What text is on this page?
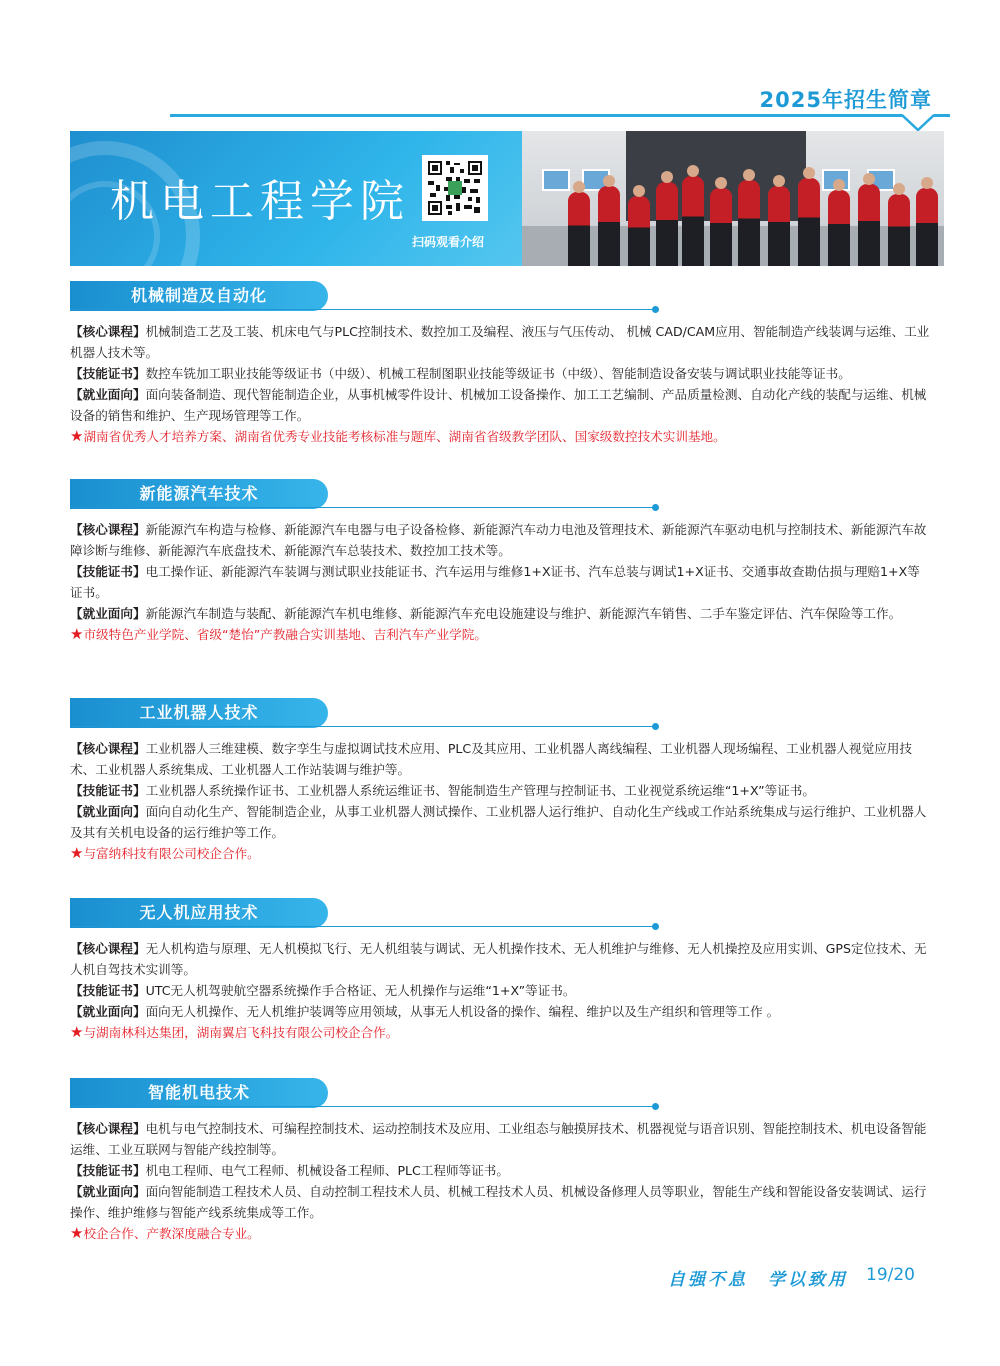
2025年招生简章
机电工程学院
扫码观看介绍
机械制造及自动化

【核心课程】机械制造工艺及工装、机床电气与PLC控制技术、数控加工及编程、液压与气压传动、 机械 CAD/CAM应用、智能制造产线装调与运维、工业机器人技术等。

【技能证书】数控车铣加工职业技能等级证书（中级）、机械工程制图职业技能等级证书（中级）、智能制造设备安装与调试职业技能等证书。

【就业面向】面向装备制造、现代智能制造企业，从事机械零件设计、机械加工设备操作、加工工艺编制、产品质量检测、自动化产线的装配与运维、机械设备的销售和维护、生产现场管理等工作。

★湖南省优秀人才培养方案、湖南省优秀专业技能考核标准与题库、湖南省省级教学团队、国家级数控技术实训基地。

新能源汽车技术

【核心课程】新能源汽车构造与检修、新能源汽车电器与电子设备检修、新能源汽车动力电池及管理技术、新能源汽车驱动电机与控制技术、新能源汽车故障诊断与维修、新能源汽车底盘技术、新能源汽车总装技术、数控加工技术等。

【技能证书】电工操作证、新能源汽车装调与测试职业技能证书、汽车运用与维修1+X证书、汽车总装与调试1+X证书、交通事故查勘估损与理赔1+X等证书。

【就业面向】新能源汽车制造与装配、新能源汽车机电维修、新能源汽车充电设施建设与维护、新能源汽车销售、二手车鉴定评估、汽车保险等工作。

★市级特色产业学院、省级“楚怡”产教融合实训基地、吉利汽车产业学院。

工业机器人技术

【核心课程】工业机器人三维建模、数字孪生与虚拟调试技术应用、PLC及其应用、工业机器人离线编程、工业机器人现场编程、工业机器人视觉应用技术、工业机器人系统集成、工业机器人工作站装调与维护等。

【技能证书】工业机器人系统操作证书、工业机器人系统运维证书、智能制造生产管理与控制证书、工业视觉系统运维“1+X”等证书。

【就业面向】面向自动化生产、智能制造企业，从事工业机器人测试操作、工业机器人运行维护、自动化生产线或工作站系统集成与运行维护、工业机器人及其有关机电设备的运行维护等工作。

★与富纳科技有限公司校企合作。

无人机应用技术

【核心课程】无人机构造与原理、无人机模拟飞行、无人机组装与调试、无人机操作技术、无人机维护与维修、无人机操控及应用实训、GPS定位技术、无人机自驾技术实训等。

【技能证书】UTC无人机驾驶航空器系统操作手合格证、无人机操作与运维“1+X”等证书。

【就业面向】面向无人机操作、无人机维护装调等应用领域，从事无人机设备的操作、编程、维护以及生产组织和管理等工作 。

★与湖南林科达集团，湖南翼启飞科技有限公司校企合作。

智能机电技术

【核心课程】电机与电气控制技术、可编程控制技术、运动控制技术及应用、工业组态与触摸屏技术、机器视觉与语音识别、智能控制技术、机电设备智能运维、工业互联网与智能产线控制等。

【技能证书】机电工程师、电气工程师、机械设备工程师、PLC工程师等证书。

【就业面向】面向智能制造工程技术人员、自动控制工程技术人员、机械工程技术人员、机械设备修理人员等职业，智能生产线和智能设备安装调试、运行操作、维护维修与智能产线系统集成等工作。

★校企合作、产教深度融合专业。

自强不息　学以致用 19/20
